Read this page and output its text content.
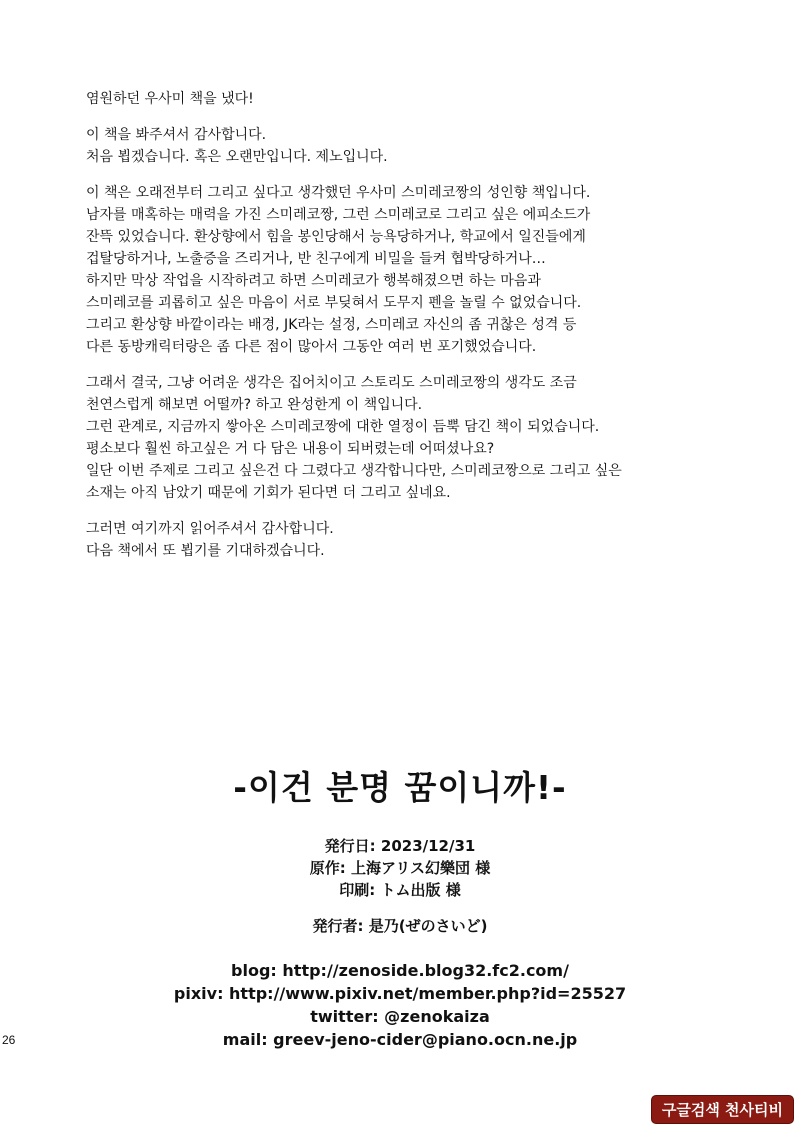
염원하던 우사미 책을 냈다!

이 책을 봐주셔서 감사합니다.
처음 뵙겠습니다. 혹은 오랜만입니다. 제노입니다.

이 책은 오래전부터 그리고 싶다고 생각했던 우사미 스미레코짱의 성인향 책입니다.
남자를 매혹하는 매력을 가진 스미레코짱, 그런 스미레코로 그리고 싶은 에피소드가
잔뜩 있었습니다. 환상향에서 힘을 봉인당해서 능욕당하거나, 학교에서 일진들에게
겁탈당하거나, 노출증을 즈리거나, 반 친구에게 비밀을 들켜 협박당하거나…
하지만 막상 작업을 시작하려고 하면 스미레코가 행복해졌으면 하는 마음과
스미레코를 괴롭히고 싶은 마음이 서로 부딪혀서 도무지 펜을 놀릴 수 없었습니다.
그리고 환상향 바깥이라는 배경, JK라는 설정, 스미레코 자신의 좀 귀찮은 성격 등
다른 동방캐릭터랑은 좀 다른 점이 많아서 그동안 여러 번 포기했었습니다.

그래서 결국, 그냥 어려운 생각은 집어치이고 스토리도 스미레코짱의 생각도 조금
천연스럽게 해보면 어떨까? 하고 완성한게 이 책입니다.
그런 관계로, 지금까지 쌓아온 스미레코짱에 대한 열정이 듬뿍 담긴 책이 되었습니다.
평소보다 훨씬 하고싶은 거 다 담은 내용이 되버렸는데 어떠셨나요?
일단 이번 주제로 그리고 싶은건 다 그렸다고 생각합니다만, 스미레코짱으로 그리고 싶은
소재는 아직 남았기 때문에 기회가 된다면 더 그리고 싶네요.

그러면 여기까지 읽어주셔서 감사합니다.
다음 책에서 또 뵙기를 기대하겠습니다.

-이건 분명 꿈이니까!-
発行日: 2023/12/31
原作: 上海アリス幻樂団 様
印刷: トム出版 様
発行者: 是乃(ぜのさいど)
blog: http://zenoside.blog32.fc2.com/
pixiv: http://www.pixiv.net/member.php?id=25527
twitter: @zenokaiza
mail: greev-jeno-cider@piano.ocn.ne.jp
26
구글검색 천사티비
